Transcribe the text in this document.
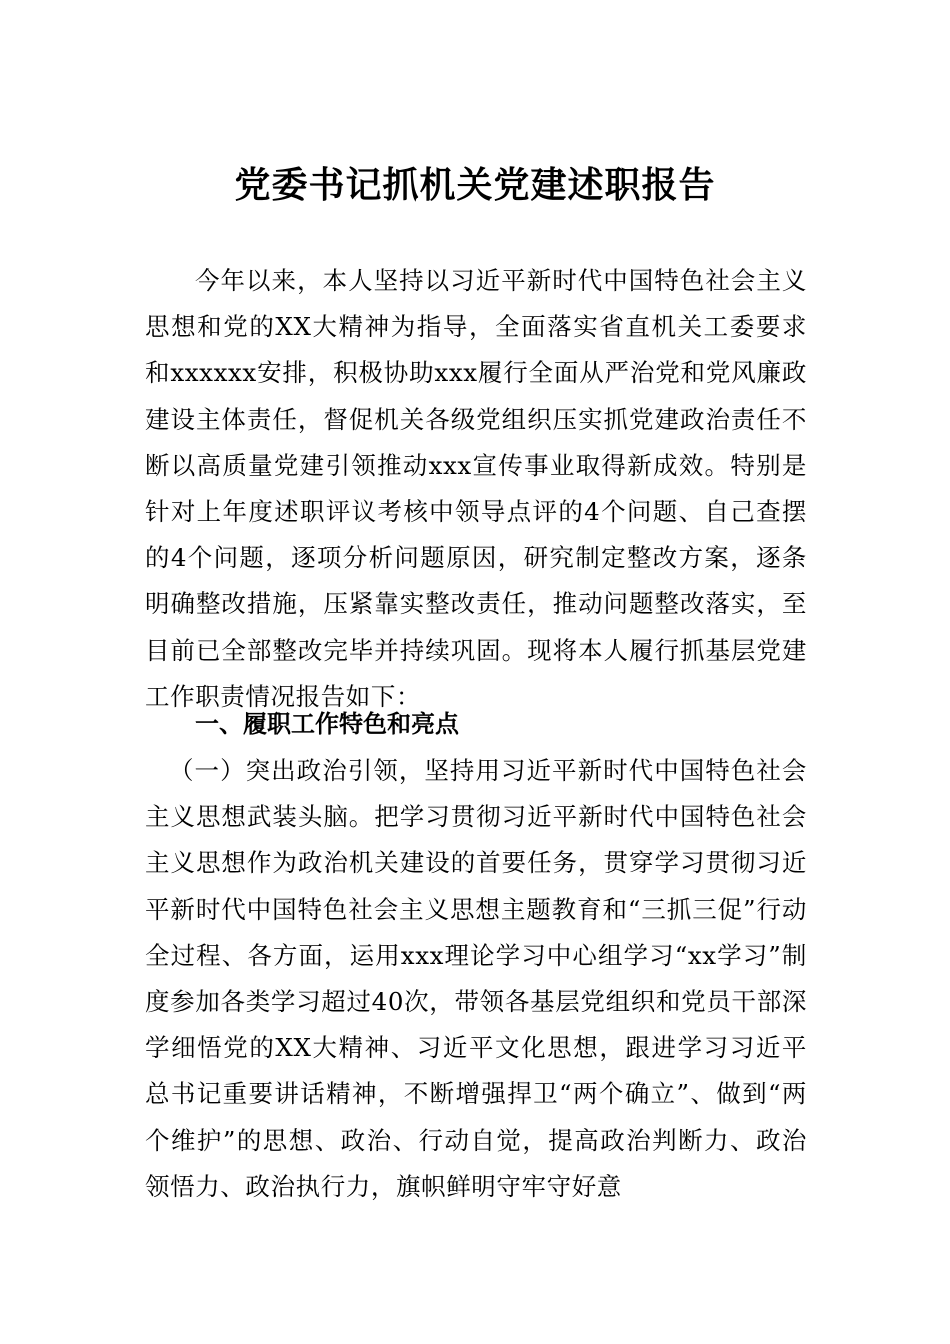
党委书记抓机关党建述职报告

今年以来，本人坚持以习近平新时代中国特色社会主义思想和党的XX大精神为指导，全面落实省直机关工委要求和xxxxxx安排，积极协助xxx履行全面从严治党和党风廉政建设主体责任，督促机关各级党组织压实抓党建政治责任不断以高质量党建引领推动xxx宣传事业取得新成效。特别是针对上年度述职评议考核中领导点评的4个问题、自己查摆的4个问题，逐项分析问题原因，研究制定整改方案，逐条明确整改措施，压紧靠实整改责任，推动问题整改落实，至目前已全部整改完毕并持续巩固。现将本人履行抓基层党建工作职责情况报告如下：

一、履职工作特色和亮点

（一）突出政治引领，坚持用习近平新时代中国特色社会主义思想武装头脑。把学习贯彻习近平新时代中国特色社会主义思想作为政治机关建设的首要任务，贯穿学习贯彻习近平新时代中国特色社会主义思想主题教育和“三抓三促”行动全过程、各方面，运用xxx理论学习中心组学习“xx学习”制度参加各类学习超过40次，带领各基层党组织和党员干部深学细悟党的XX大精神、习近平文化思想，跟进学习习近平总书记重要讲话精神，不断增强捍卫“两个确立”、做到“两个维护”的思想、政治、行动自觉，提高政治判断力、政治领悟力、政治执行力，旗帜鲜明守牢守好意
